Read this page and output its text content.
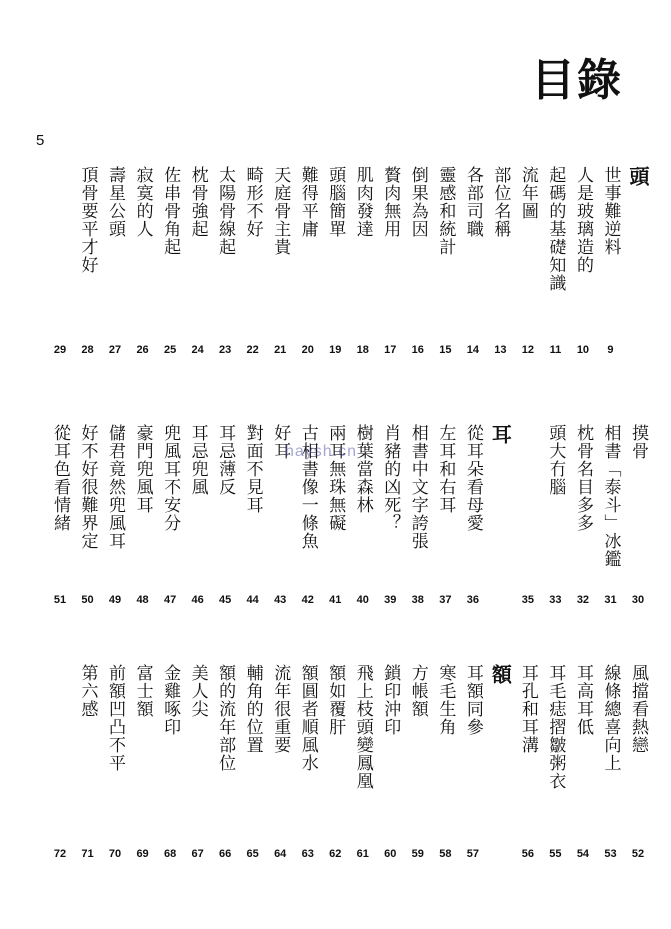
目錄
5
頭
世事難逆料
9
人是玻璃造的
10
起碼的基礎知識
11
流年圖
12
部位名稱
13
各部司職
14
靈感和統計
15
倒果為因
16
贅肉無用
17
肌肉發達
18
頭腦簡單
19
難得平庸
20
天庭骨主貴
21
畸形不好
22
太陽骨線起
23
枕骨強起
24
佐串骨角起
25
寂寞的人
26
壽星公頭
27
頂骨要平才好
28
29
摸骨
30
相書「泰斗」冰鑑
31
枕骨名目多多
32
頭大冇腦
33
35
耳
從耳朵看母愛
36
左耳和右耳
37
相書中文字誇張
38
肖豬的凶死？
39
樹葉當森林
40
兩耳無珠無礙
41
古相書像一條魚
42
好耳
43
對面不見耳
44
耳忌薄反
45
耳忌兜風
46
兜風耳不安分
47
豪門兜風耳
48
儲君竟然兜風耳
49
好不好很難界定
50
從耳色看情緒
51
風擋看熱戀
52
線條總喜向上
53
耳高耳低
54
耳毛痣摺皺粥衣
55
耳孔和耳溝
56
額
耳額同參
57
寒毛生角
58
方帳額
59
鎖印沖印
60
飛上枝頭變鳳凰
61
額如覆肝
62
額圓者順風水
63
流年很重要
64
輔角的位置
65
額的流年部位
66
美人尖
67
金雞啄印
68
富士額
69
前額凹凸不平
70
第六感
71
72
haysh.cn
